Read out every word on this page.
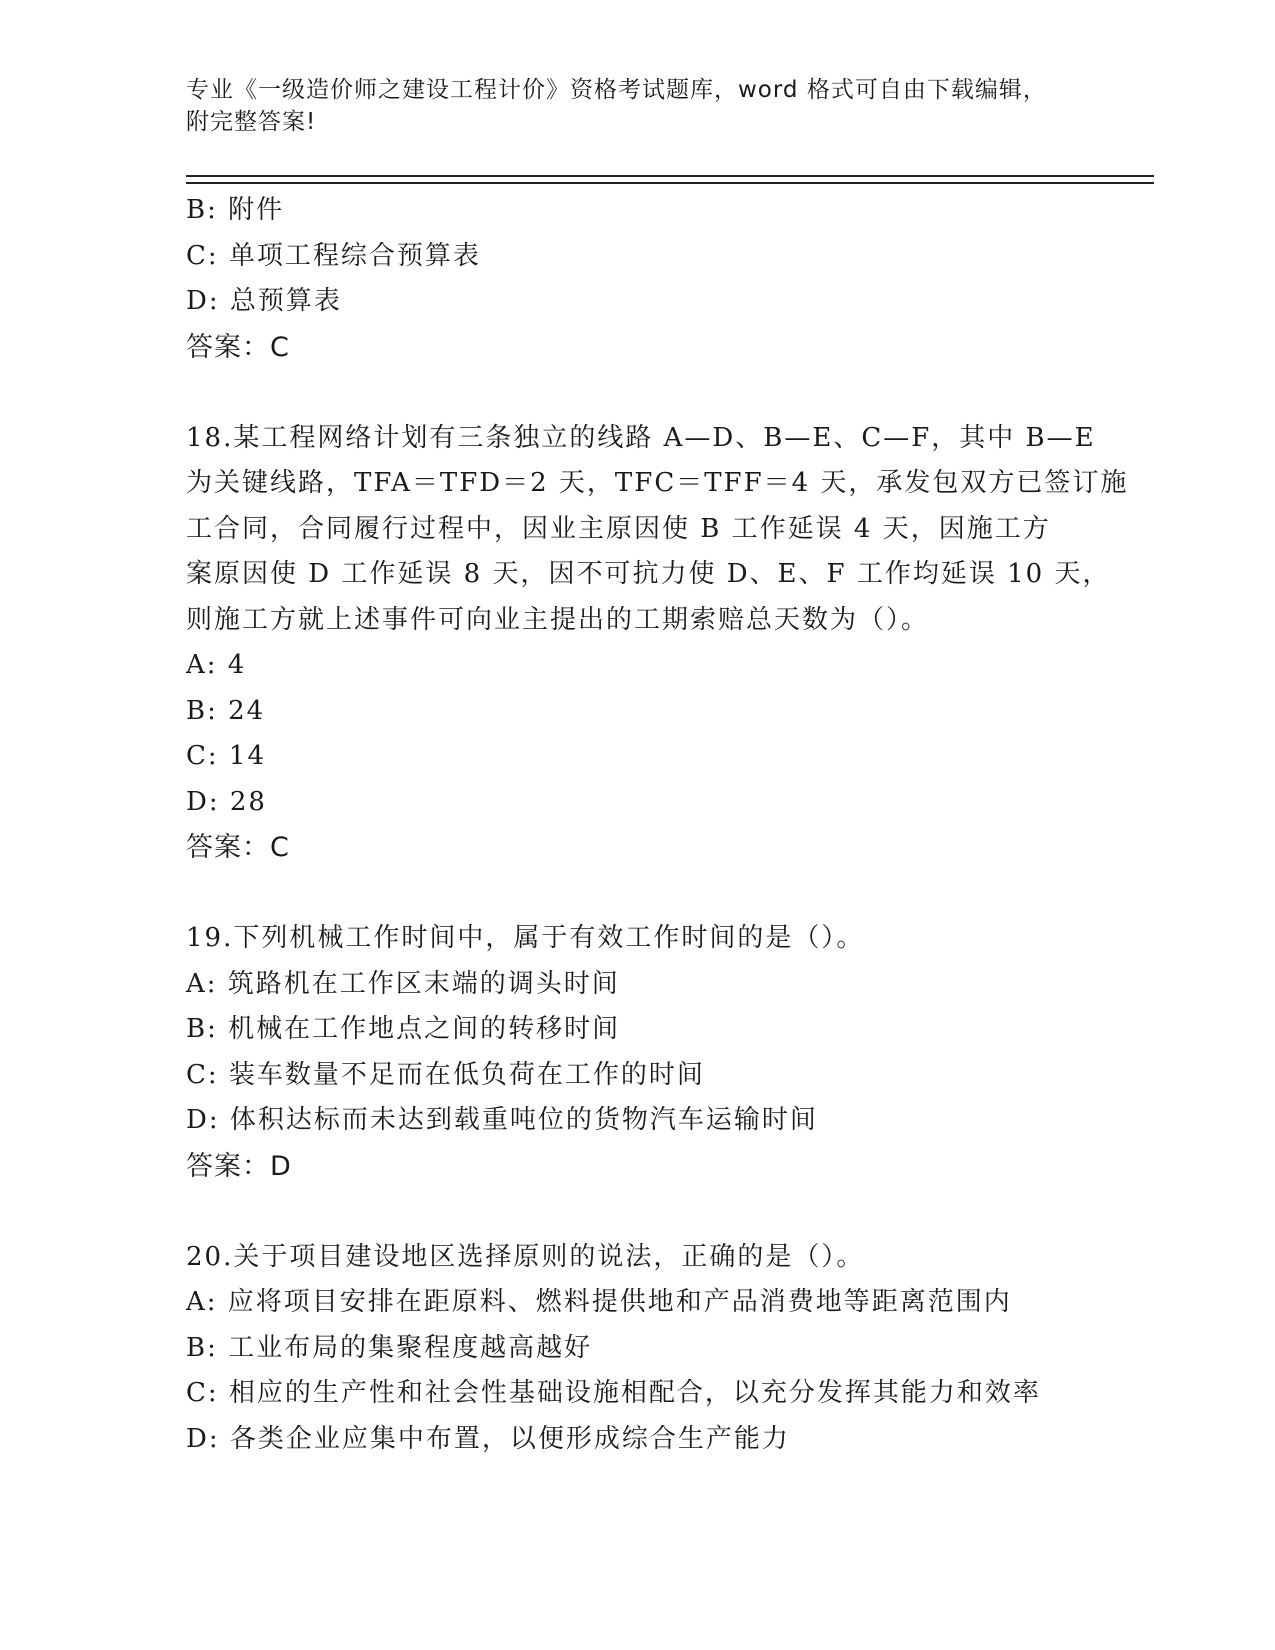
专业《一级造价师之建设工程计价》资格考试题库，word 格式可自由下载编辑，
附完整答案!
B: 附件
C: 单项工程综合预算表
D: 总预算表
答案：C
18.某工程网络计划有三条独立的线路 A—D、B—E、C—F，其中 B—E
为关键线路，TFA＝TFD＝2 天，TFC＝TFF＝4 天，承发包双方已签订施
工合同，合同履行过程中，因业主原因使 B 工作延误 4 天，因施工方
案原因使 D 工作延误 8 天，因不可抗力使 D、E、F 工作均延误 10 天，
则施工方就上述事件可向业主提出的工期索赔总天数为（）。
A: 4
B: 24
C: 14
D: 28
答案：C
19.下列机械工作时间中，属于有效工作时间的是（）。
A: 筑路机在工作区末端的调头时间
B: 机械在工作地点之间的转移时间
C: 装车数量不足而在低负荷在工作的时间
D: 体积达标而未达到载重吨位的货物汽车运输时间
答案：D
20.关于项目建设地区选择原则的说法，正确的是（）。
A: 应将项目安排在距原料、燃料提供地和产品消费地等距离范围内
B: 工业布局的集聚程度越高越好
C: 相应的生产性和社会性基础设施相配合，以充分发挥其能力和效率
D: 各类企业应集中布置，以便形成综合生产能力
